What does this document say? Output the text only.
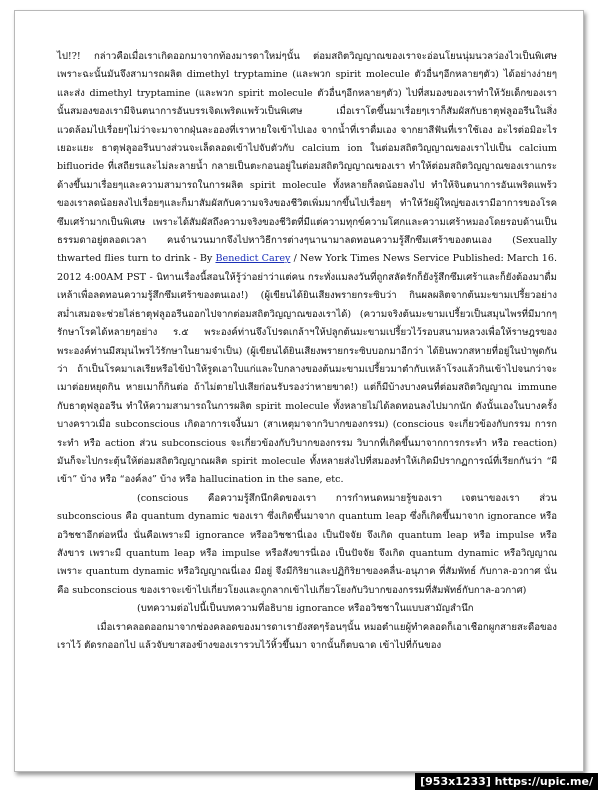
ไป!?! กล่าวคือเมื่อเราเกิดออกมาจากท้องมารดาใหม่ๆนั้น ต่อมสถิตวิญญาณของเราจะอ่อนโยนนุ่มนวลว่องไวเป็นพิเศษ เพราะฉะนั้นมันจึงสามารถผลิต dimethyl tryptamine (และพวก spirit molecule ตัวอื่นๆอีกหลายๆตัว) ได้อย่างง่ายๆและส่ง dimethyl tryptamine (และพวก spirit molecule ตัวอื่นๆอีกหลายๆตัว) ไปที่สมองของเราทำให้วัยเด็กของเรานั้นสมองของเรามีจินตนาการอันบรรเจิดเพริดแพร้วเป็นพิเศษ เมื่อเราโตขึ้นมาเรื่อยๆเราก็สัมผัสกับธาตุฟลูออรีนในสิ่งแวดล้อมไปเรื่อยๆไม่ว่าจะมาจากฝุ่นละอองที่เราหายใจเข้าไปเอง จากน้ำที่เราดื่มเอง จากยาสีฟันที่เราใช้เอง อะไรต่อมิอะไรเยอะแยะ ธาตุฟลูออรีนบางส่วนจะเล็ดลอดเข้าไปจับตัวกับ calcium ion ในต่อมสถิตวิญญาณของเราไปเป็น calcium bifluoride ที่เสถียรและไม่ละลายน้ำ กลายเป็นตะกอนอยู่ในต่อมสถิตวิญญาณของเรา ทำให้ต่อมสถิตวิญญาณของเราแกระด้างขึ้นมาเรื่อยๆและความสามารถในการผลิต spirit molecule ทั้งหลายก็ลดน้อยลงไป ทำให้จินตนาการอันเพริดแพร้วของเราลดน้อยลงไปเรื่อยๆและก็มาสัมผัสกับความจริงของชีวิตเพิ่มมากขึ้นไปเรื่อยๆ ทำให้วัยผู้ใหญ่ของเรามีอาการของโรคซึมเศร้ามากเป็นพิเศษ เพราะได้สัมผัสถึงความจริงของชีวิตที่มีแต่ความทุกข์ความโศกและความเศร้าหมองโดยรอบด้านเป็นธรรมดาอยู่ตลอดเวลา คนจำนวนมากจึงไปหาวิธีการต่างๆนานามาลดทอนความรู้สึกซึมเศร้าของตนเอง (Sexually thwarted flies turn to drink - By Benedict Carey / New York Times News Service Published: March 16. 2012 4:00AM PST - นิทานเรื่องนี้สอนให้รู้ว่าอย่าว่าแต่คน กระทั่งแมลงวันที่ถูกสลัดรักก็ยังรู้สึกซึมเศร้าและก็ยังต้องมาดื่มเหล้าเพื่อลดทอนความรู้สึกซึมเศร้าของตนเอง!) (ผู้เขียนได้ยินเสียงพรายกระซิบว่า กินผลผลิตจากต้นมะขามเปรี้ยวอย่างสม่ำเสมอจะช่วยไล่ธาตุฟลูออรีนออกไปจากต่อมสถิตวิญญาณของเราได้) (ความจริงต้นมะขามเปรี้ยวเป็นสมุนไพรที่มีมากๆรักษาโรคได้หลายๆอย่าง ร.๕ พระองค์ท่านจึงโปรดเกล้าฯให้ปลูกต้นมะขามเปรี้ยวไว้รอบสนามหลวงเพื่อให้ราษฎรของพระองค์ท่านมีสมุนไพรไว้รักษาในยามจำเป็น) (ผู้เขียนได้ยินเสียงพรายกระซิบบอกมาอีกว่า ได้ยินพวกสหายที่อยู่ในป่าพูดกันว่า ถ้าเป็นโรคมาเลเรียหรือไข้ป่าให้รูดเอาใบแก่และใบกลางของต้นมะขามเปรี้ยวมาตำกับเหล้าโรงแล้วกินเข้าไปจนกว่าจะเมาต่อยหยุดกิน หายเมาก็กินต่อ ถ้าไม่ตายไปเสียก่อนรับรองว่าหายขาด!) แต่ก็มีบ้างบางคนที่ต่อมสถิตวิญญาณ immune กับธาตุฟลูออรีน ทำให้ความสามารถในการผลิต spirit molecule ทั้งหลายไม่ได้ลดทอนลงไปมากนัก ดังนั้นเองในบางครั้งบางคราวเมื่อ subconscious เกิดอาการเจงี้นมา (สาเหตุมาจากวิบากของกรรม) (conscious จะเกี่ยวข้องกับกรรม การกระทำ หรือ action ส่วน subconscious จะเกี่ยวข้องกับวิบากของกรรม วิบากที่เกิดขึ้นมาจากการกระทำ หรือ reaction) มันก็จะไปกระตุ้นให้ต่อมสถิตวิญญาณผลิต spirit molecule ทั้งหลายส่งไปที่สมองทำให้เกิดมีปรากฏการณ์ที่เรียกกันว่า “ผีเข้า” บ้าง หรือ “องค์ลง” บ้าง หรือ hallucination in the sane, etc.

(conscious คือความรู้สึกนึกคิดของเรา การกำหนดหมายรู้ของเรา เจตนาของเรา ส่วน subconscious คือ quantum dynamic ของเรา ซึ่งเกิดขึ้นมาจาก quantum leap ซึ่งก็เกิดขึ้นมาจาก ignorance หรืออวิชชาอีกต่อหนึ่ง นั่นคือเพราะมี ignorance หรืออวิชชานี่เอง เป็นปัจจัย จึงเกิด quantum leap หรือ impulse หรือสังขาร เพราะมี quantum leap หรือ impulse หรือสังขารนี่เอง เป็นปัจจัย จึงเกิด quantum dynamic หรือวิญญาณ เพราะ quantum dynamic หรือวิญญาณนี่เอง มีอยู่ จึงมีกิริยาและปฏิกิริยาของคลื่น-อนุภาค ที่สัมพัทธ์ กับกาล-อวกาศ นั่นคือ subconscious ของเราจะเข้าไปเกี่ยวโยงและถูกลากเข้าไปเกี่ยวโยงกับวิบากของกรรมที่สัมพัทธ์กับกาล-อวกาศ)

(บทความต่อไปนี้เป็นบทความที่อธิบาย ignorance หรืออวิชชาในแบบสามัญสำนึก

เมื่อเราคลอดออกมาจากช่องคลอดของมารดาเรายังสดๆร้อนๆนั้น หมอตำแยผู้ทำคลอดก็เอาเชือกผูกสายสะดือของเราไว้ ตัดรกออกไป แล้วจับขาสองข้างของเรารวบไว้หิ้วขึ้นมา จากนั้นก็ตบฉาด เข้าไปที่ก้นของ

[953x1233] https://upic.me/
